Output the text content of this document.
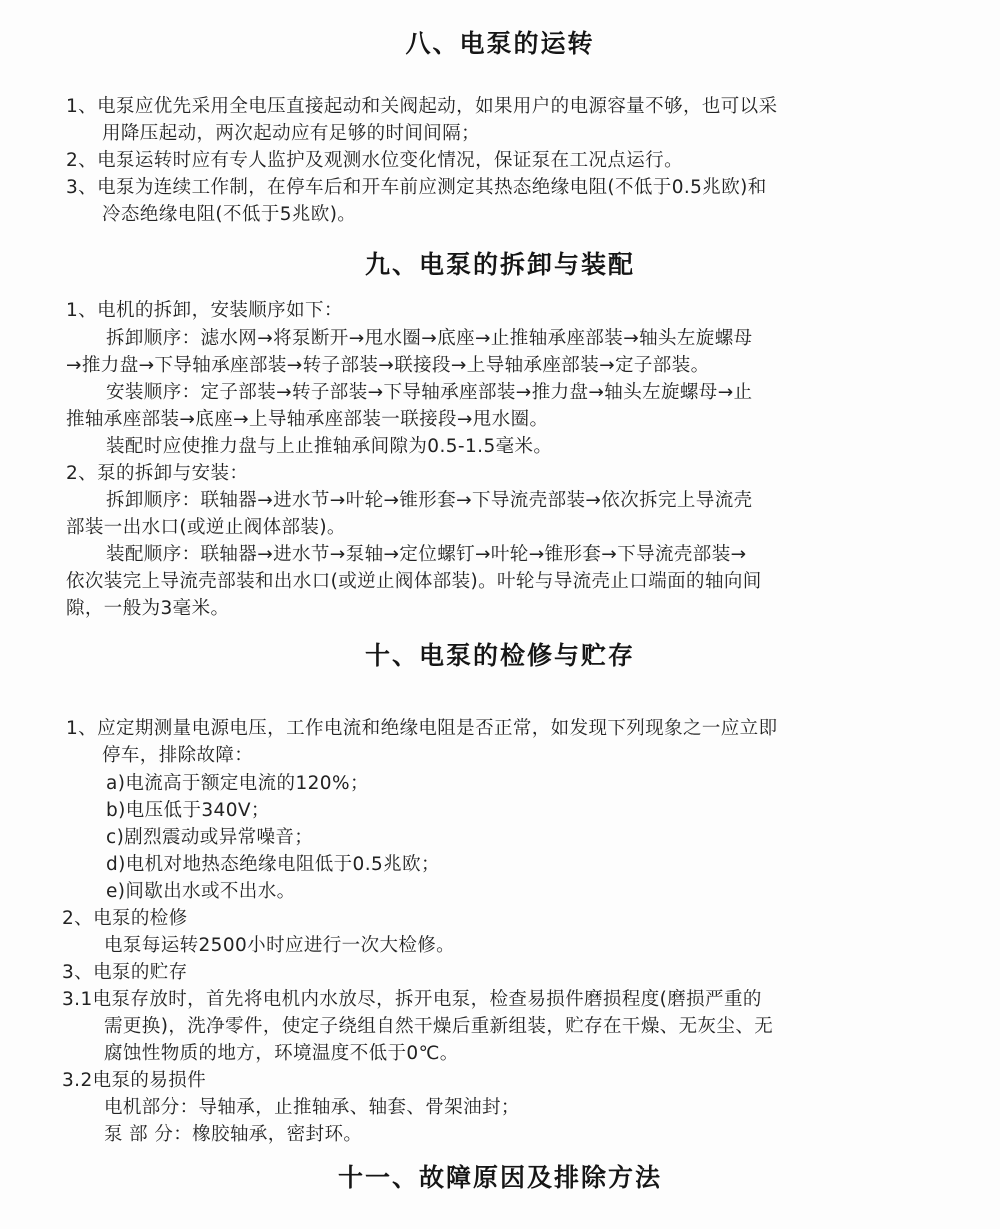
八、电泵的运转
1、电泵应优先采用全电压直接起动和关阀起动，如果用户的电源容量不够，也可以采
用降压起动，两次起动应有足够的时间间隔；
2、电泵运转时应有专人监护及观测水位变化情况，保证泵在工况点运行。
3、电泵为连续工作制，在停车后和开车前应测定其热态绝缘电阻(不低于0.5兆欧)和
冷态绝缘电阻(不低于5兆欧)。
九、电泵的拆卸与装配
1、电机的拆卸，安装顺序如下：
拆卸顺序：滤水网→将泵断开→甩水圈→底座→止推轴承座部装→轴头左旋螺母
→推力盘→下导轴承座部装→转子部装→联接段→上导轴承座部装→定子部装。
安装顺序：定子部装→转子部装→下导轴承座部装→推力盘→轴头左旋螺母→止
推轴承座部装→底座→上导轴承座部装一联接段→甩水圈。
装配时应使推力盘与上止推轴承间隙为0.5-1.5毫米。
2、泵的拆卸与安装：
拆卸顺序：联轴器→进水节→叶轮→锥形套→下导流壳部装→依次拆完上导流壳
部装一出水口(或逆止阀体部装)。
装配顺序：联轴器→进水节→泵轴→定位螺钉→叶轮→锥形套→下导流壳部装→
依次装完上导流壳部装和出水口(或逆止阀体部装)。叶轮与导流壳止口端面的轴向间
隙，一般为3毫米。
十、电泵的检修与贮存
1、应定期测量电源电压，工作电流和绝缘电阻是否正常，如发现下列现象之一应立即
停车，排除故障：
a)电流高于额定电流的120%；
b)电压低于340V；
c)剧烈震动或异常噪音；
d)电机对地热态绝缘电阻低于0.5兆欧；
e)间歇出水或不出水。
2、电泵的检修
电泵每运转2500小时应进行一次大检修。
3、电泵的贮存
3.1电泵存放时，首先将电机内水放尽，拆开电泵，检查易损件磨损程度(磨损严重的
需更换)，洗净零件，使定子绕组自然干燥后重新组装，贮存在干燥、无灰尘、无
腐蚀性物质的地方，环境温度不低于0℃。
3.2电泵的易损件
电机部分：导轴承，止推轴承、轴套、骨架油封；
泵 部 分：橡胶轴承，密封环。
十一、故障原因及排除方法
